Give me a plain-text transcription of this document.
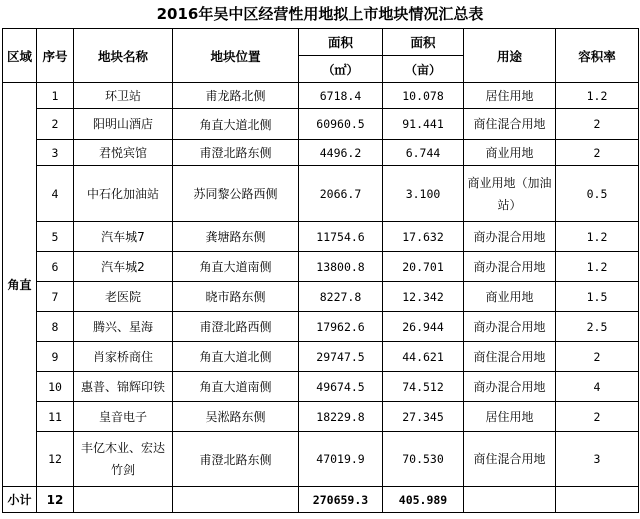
2016年吴中区经营性用地拟上市地块情况汇总表
区域	序号	地块名称	地块位置	面积	面积	用途	容积率
				（㎡）	（亩）		
角直	1	环卫站	甫龙路北侧	6718.4	10.078	居住用地	1.2
	2	阳明山酒店	角直大道北侧	60960.5	91.441	商住混合用地	2
	3	君悦宾馆	甫澄北路东侧	4496.2	6.744	商业用地	2
	4	中石化加油站	苏同黎公路西侧	2066.7	3.100	商业用地（加油站）	0.5
	5	汽车城7	龚塘路东侧	11754.6	17.632	商办混合用地	1.2
	6	汽车城2	角直大道南侧	13800.8	20.701	商办混合用地	1.2
	7	老医院	晓市路东侧	8227.8	12.342	商业用地	1.5
	8	腾兴、星海	甫澄北路西侧	17962.6	26.944	商办混合用地	2.5
	9	肖家桥商住	角直大道北侧	29747.5	44.621	商住混合用地	2
	10	惠普、锦辉印铁	角直大道南侧	49674.5	74.512	商办混合用地	4
	11	皇音电子	吴淞路东侧	18229.8	27.345	居住用地	2
	12	丰亿木业、宏达竹剑	甫澄北路东侧	47019.9	70.530	商住混合用地	3
小计	12			270659.3	405.989		
